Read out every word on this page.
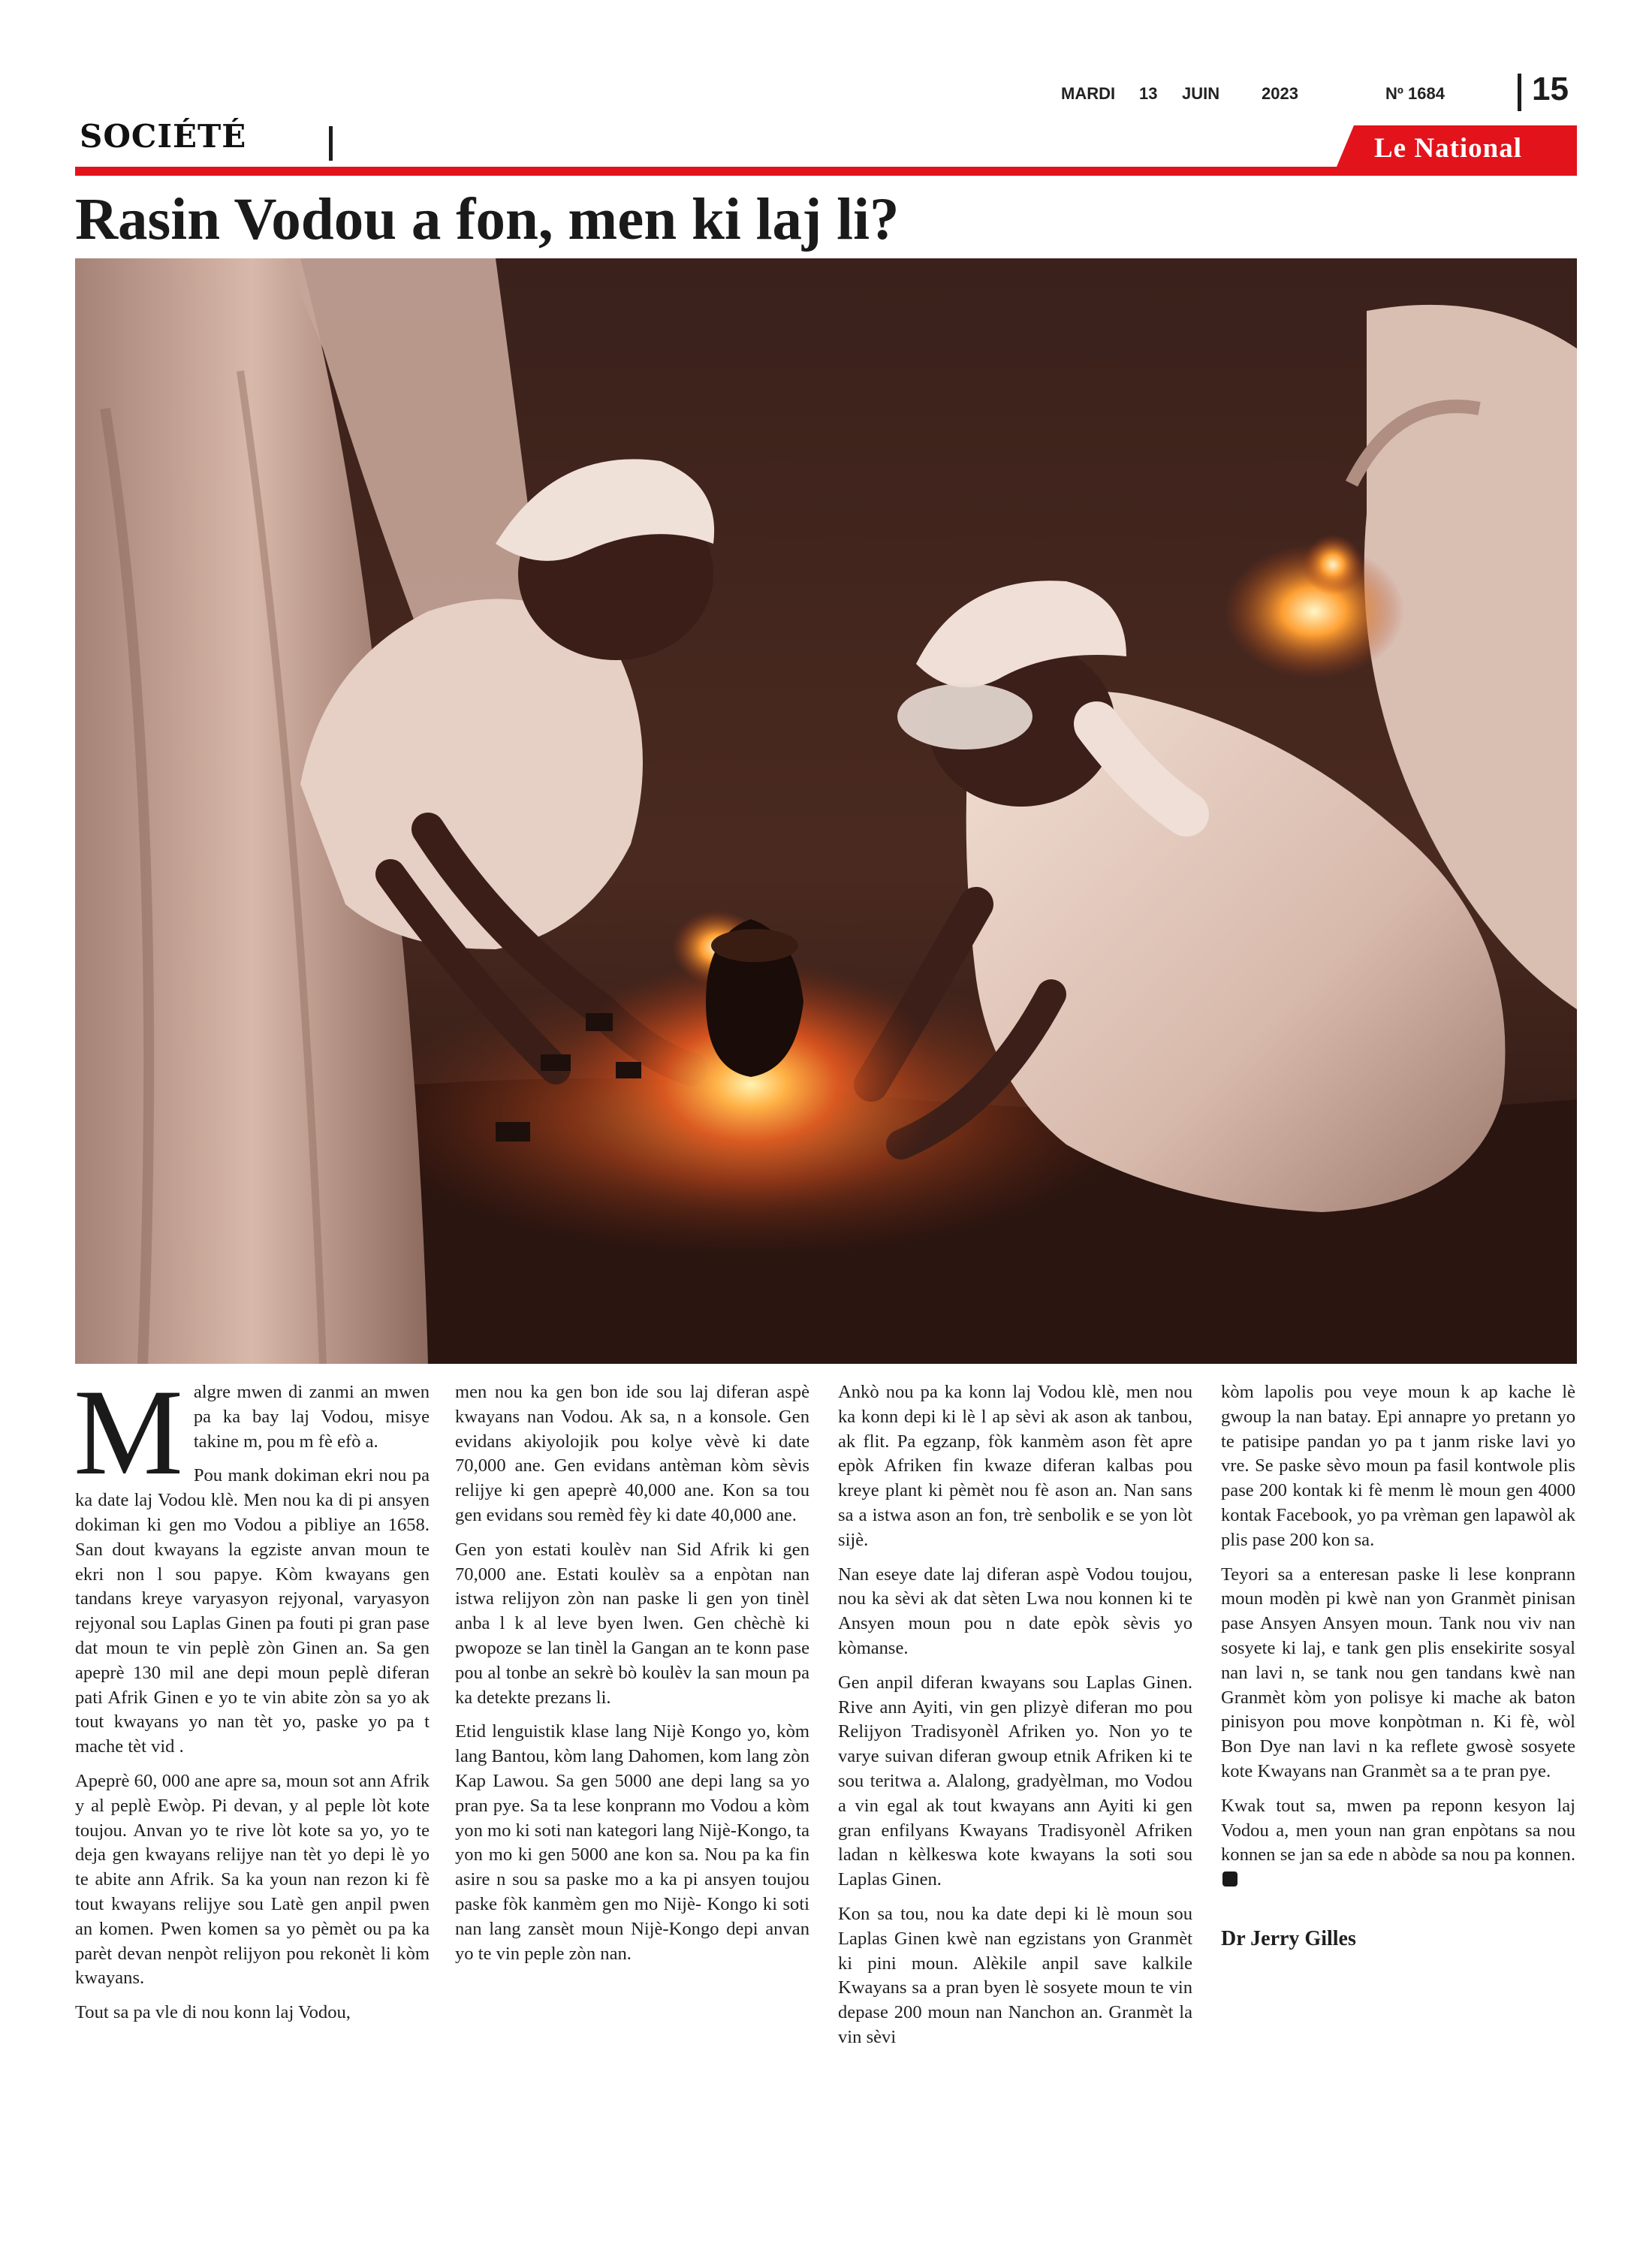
MARDI 13 JUIN	2023	Nº 1684	15
SOCIÉTÉ	Le National
Rasin Vodou a fon, men ki laj li?

Malgre mwen di zanmi an mwen pa ka bay laj Vodou, misye takine m, pou m fè efò a.

Pou mank dokiman ekri nou pa ka date laj Vodou klè. Men nou ka di pi ansyen dokiman ki gen mo Vodou a pibliye an 1658. San dout kwayans la egziste anvan moun te ekri non l sou papye. Kòm kwayans gen tandans kreye varyasyon rejyonal, varyasyon rejyonal sou Laplas Ginen pa fouti pi gran pase dat moun te vin peplè zòn Ginen an. Sa gen apeprè 130 mil ane depi moun peplè diferan pati Afrik Ginen e yo te vin abite zòn sa yo ak tout kwayans yo nan tèt yo, paske yo pa t mache tèt vid .

Apeprè 60, 000 ane apre sa, moun sot ann Afrik y al peplè Ewòp. Pi devan, y al peple lòt kote toujou. Anvan yo te rive lòt kote sa yo, yo te deja gen kwayans relijye nan tèt yo depi lè yo te abite ann Afrik. Sa ka youn nan rezon ki fè tout kwayans relijye sou Latè gen anpil pwen an komen. Pwen komen sa yo pèmèt ou pa ka parèt devan nenpòt relijyon pou rekonèt li kòm kwayans.

Tout sa pa vle di nou konn laj Vodou,

men nou ka gen bon ide sou laj diferan aspè kwayans nan Vodou. Ak sa, n a konsole. Gen evidans akiyolojik pou kolye vèvè ki date 70,000 ane. Gen evidans antèman kòm sèvis relijye ki gen apeprè 40,000 ane. Kon sa tou gen evidans sou remèd fèy ki date 40,000 ane.

Gen yon estati koulèv nan Sid Afrik ki gen 70,000 ane. Estati koulèv sa a enpòtan nan istwa relijyon zòn nan paske li gen yon tinèl anba l k al leve byen lwen. Gen chèchè ki pwopoze se lan tinèl la Gangan an te konn pase pou al tonbe an sekrè bò koulèv la san moun pa ka detekte prezans li.

Etid lenguistik klase lang Nijè Kongo yo, kòm lang Bantou, kòm lang Dahomen, kom lang zòn Kap Lawou. Sa gen 5000 ane depi lang sa yo pran pye. Sa ta lese konprann mo Vodou a kòm yon mo ki soti nan kategori lang Nijè-Kongo, ta yon mo ki gen 5000 ane kon sa. Nou pa ka fin asire n sou sa paske mo a ka pi ansyen toujou paske fòk kanmèm gen mo Nijè- Kongo ki soti nan lang zansèt moun Nijè-Kongo depi anvan yo te vin peple zòn nan.

Ankò nou pa ka konn laj Vodou klè, men nou ka konn depi ki lè l ap sèvi ak ason ak tanbou, ak flit. Pa egzanp, fòk kanmèm ason fèt apre epòk Afriken fin kwaze diferan kalbas pou kreye plant ki pèmèt nou fè ason an. Nan sans sa a istwa ason an fon, trè senbolik e se yon lòt sijè.

Nan eseye date laj diferan aspè Vodou toujou, nou ka sèvi ak dat sèten Lwa nou konnen ki te Ansyen moun pou n date epòk sèvis yo kòmanse.

Gen anpil diferan kwayans sou Laplas Ginen. Rive ann Ayiti, vin gen plizyè diferan mo pou Relijyon Tradisyonèl Afriken yo. Non yo te varye suivan diferan gwoup etnik Afriken ki te sou teritwa a. Alalong, gradyèlman, mo Vodou a vin egal ak tout kwayans ann Ayiti ki gen gran enfilyans Kwayans Tradisyonèl Afriken ladan n kèlkeswa kote kwayans la soti sou Laplas Ginen.

Kon sa tou, nou ka date depi ki lè moun sou Laplas Ginen kwè nan egzistans yon Granmèt ki pini moun. Alèkile anpil save kalkile Kwayans sa a pran byen lè sosyete moun te vin depase 200 moun nan Nanchon an. Granmèt la vin sèvi

kòm lapolis pou veye moun k ap kache lè gwoup la nan batay. Epi annapre yo pretann yo te patisipe pandan yo pa t janm riske lavi yo vre. Se paske sèvo moun pa fasil kontwole plis pase 200 kontak ki fè menm lè moun gen 4000 kontak Facebook, yo pa vrèman gen lapawòl ak plis pase 200 kon sa.

Teyori sa a enteresan paske li lese konprann moun modèn pi kwè nan yon Granmèt pinisan pase Ansyen Ansyen moun. Tank nou viv nan sosyete ki laj, e tank gen plis ensekirite sosyal nan lavi n, se tank nou gen tandans kwè nan Granmèt kòm yon polisye ki mache ak baton pinisyon pou move konpòtman n. Ki fè, wòl Bon Dye nan lavi n ka reflete gwosè sosyete kote Kwayans nan Granmèt sa a te pran pye.

Kwak tout sa, mwen pa reponn kesyon laj Vodou a, men youn nan gran enpòtans sa nou konnen se jan sa ede n abòde sa nou pa konnen.

Dr Jerry Gilles
